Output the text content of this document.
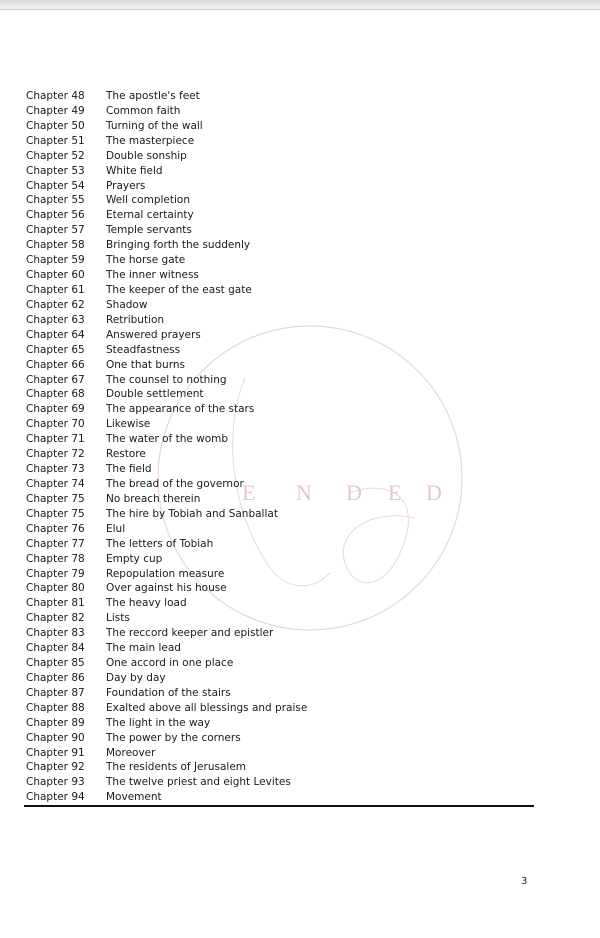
E N D E D
Chapter 48	The apostle's feet
Chapter 49	Common faith
Chapter 50	Turning of the wall
Chapter 51	The masterpiece
Chapter 52	Double sonship
Chapter 53	White field
Chapter 54	Prayers
Chapter 55	Well completion
Chapter 56	Eternal certainty
Chapter 57	Temple servants
Chapter 58	Bringing forth the suddenly
Chapter 59	The horse gate
Chapter 60	The inner witness
Chapter 61	The keeper of the east gate
Chapter 62	Shadow
Chapter 63	Retribution
Chapter 64	Answered prayers
Chapter 65	Steadfastness
Chapter 66	One that burns
Chapter 67	The counsel to nothing
Chapter 68	Double settlement
Chapter 69	The appearance of the stars
Chapter 70	Likewise
Chapter 71	The water of the womb
Chapter 72	Restore
Chapter 73	The field
Chapter 74	The bread of the governor
Chapter 75	No breach therein
Chapter 75	The hire by Tobiah and Sanballat
Chapter 76	Elul
Chapter 77	The letters of Tobiah
Chapter 78	Empty cup
Chapter 79	Repopulation measure
Chapter 80	Over against his house
Chapter 81	The heavy load
Chapter 82	Lists
Chapter 83	The reccord keeper and epistler
Chapter 84	The main lead
Chapter 85	One accord in one place
Chapter 86	Day by day
Chapter 87	Foundation of the stairs
Chapter 88	Exalted above all blessings and praise
Chapter 89	The light in the way
Chapter 90	The power by the corners
Chapter 91	Moreover
Chapter 92	The residents of Jerusalem
Chapter 93	The twelve priest and eight Levites
Chapter 94	Movement
3
